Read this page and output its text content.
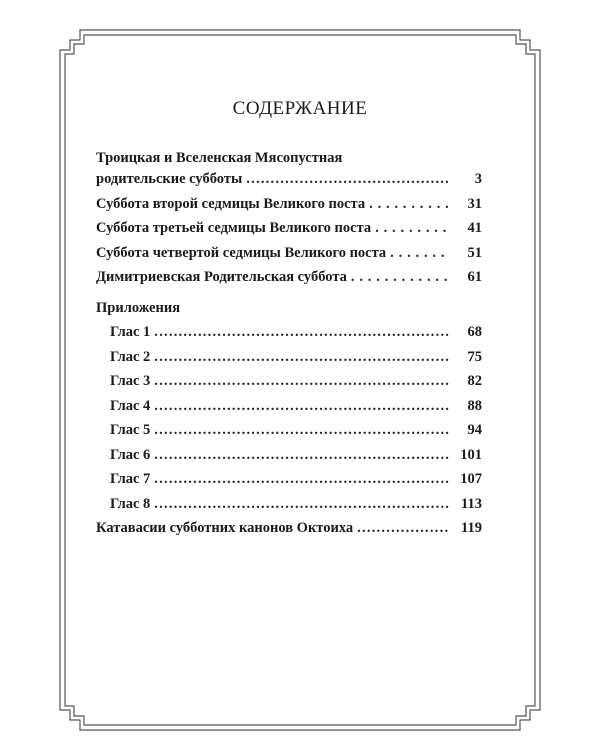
СОДЕРЖАНИЕ
Троицкая и Вселенская Мясопустная
родительские субботы . . .	3
Суббота второй седмицы Великого поста . . .	31
Суббота третьей седмицы Великого поста . . .	41
Суббота четвертой седмицы Великого поста . . .	51
Димитриевская Родительская суббота . . .	61
Приложения
Глас 1 . . .	68
Глас 2 . . .	75
Глас 3 . . .	82
Глас 4 . . .	88
Глас 5 . . .	94
Глас 6 . . .	101
Глас 7 . . .	107
Глас 8 . . .	113
Катавасии субботних канонов Октоиха . . .	119
